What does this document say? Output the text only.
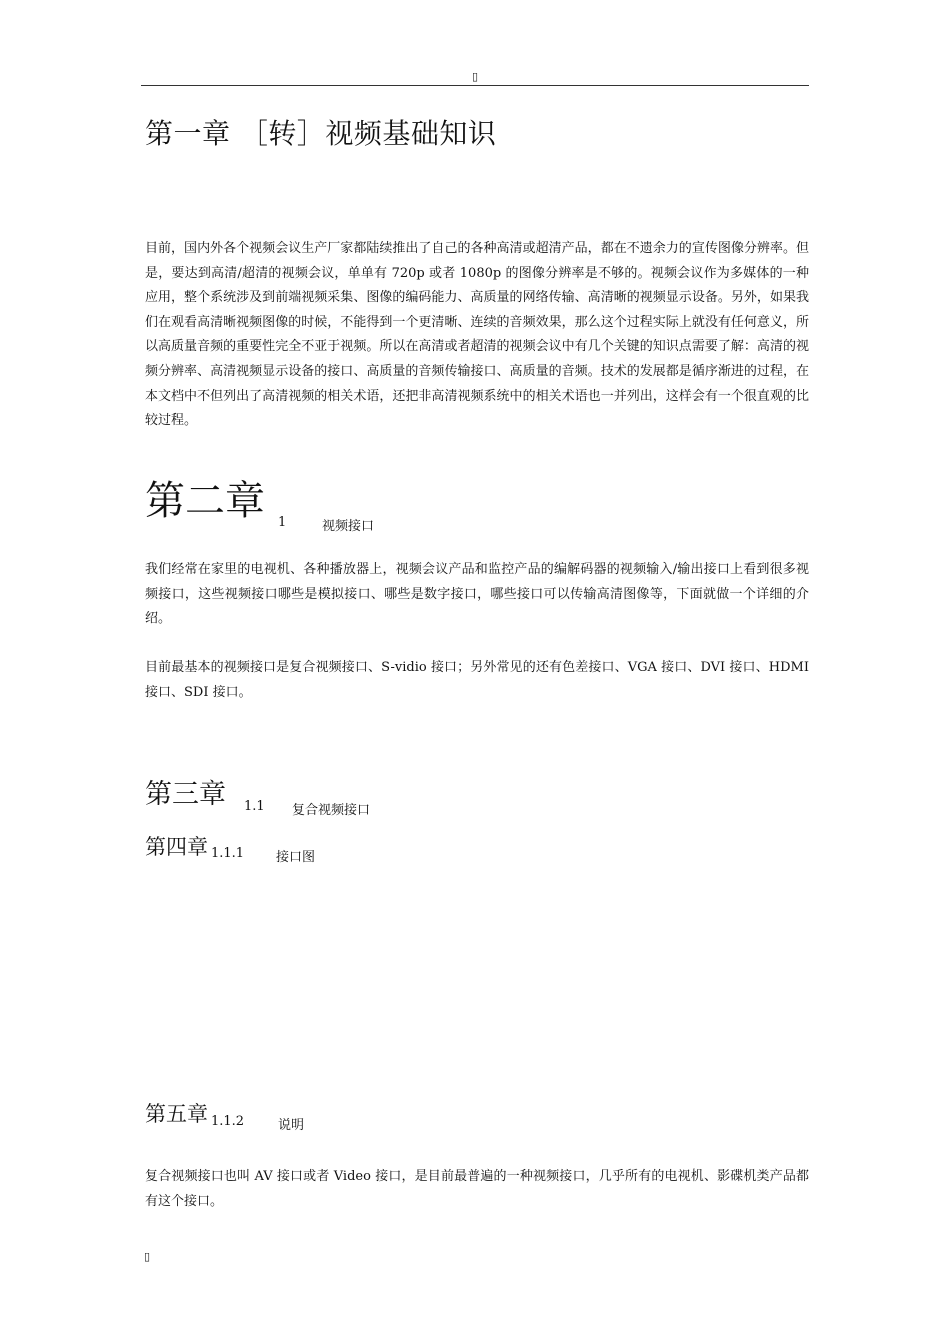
▯
第一章 ［转］视频基础知识

目前，国内外各个视频会议生产厂家都陆续推出了自己的各种高清或超清产品，都在不遗余力的宣传图像分辨率。但是，要达到高清/超清的视频会议，单单有 720p 或者 1080p 的图像分辨率是不够的。视频会议作为多媒体的一种应用，整个系统涉及到前端视频采集、图像的编码能力、高质量的网络传输、高清晰的视频显示设备。另外，如果我们在观看高清晰视频图像的时候，不能得到一个更清晰、连续的音频效果，那么这个过程实际上就没有任何意义，所以高质量音频的重要性完全不亚于视频。所以在高清或者超清的视频会议中有几个关键的知识点需要了解：高清的视频分辨率、高清视频显示设备的接口、高质量的音频传输接口、高质量的音频。技术的发展都是循序渐进的过程，在本文档中不但列出了高清视频的相关术语，还把非高清视频系统中的相关术语也一并列出，这样会有一个很直观的比较过程。

第二章 1	视频接口

我们经常在家里的电视机、各种播放器上，视频会议产品和监控产品的编解码器的视频输入/输出接口上看到很多视频接口，这些视频接口哪些是模拟接口、哪些是数字接口，哪些接口可以传输高清图像等，下面就做一个详细的介绍。

目前最基本的视频接口是复合视频接口、S-vidio 接口；另外常见的还有色差接口、VGA 接口、DVI 接口、HDMI 接口、SDI 接口。

第三章 1.1 复合视频接口
第四章 1.1.1 接口图
第五章 1.1.2	说明

复合视频接口也叫 AV 接口或者 Video 接口，是目前最普遍的一种视频接口，几乎所有的电视机、影碟机类产品都有这个接口。

▯
